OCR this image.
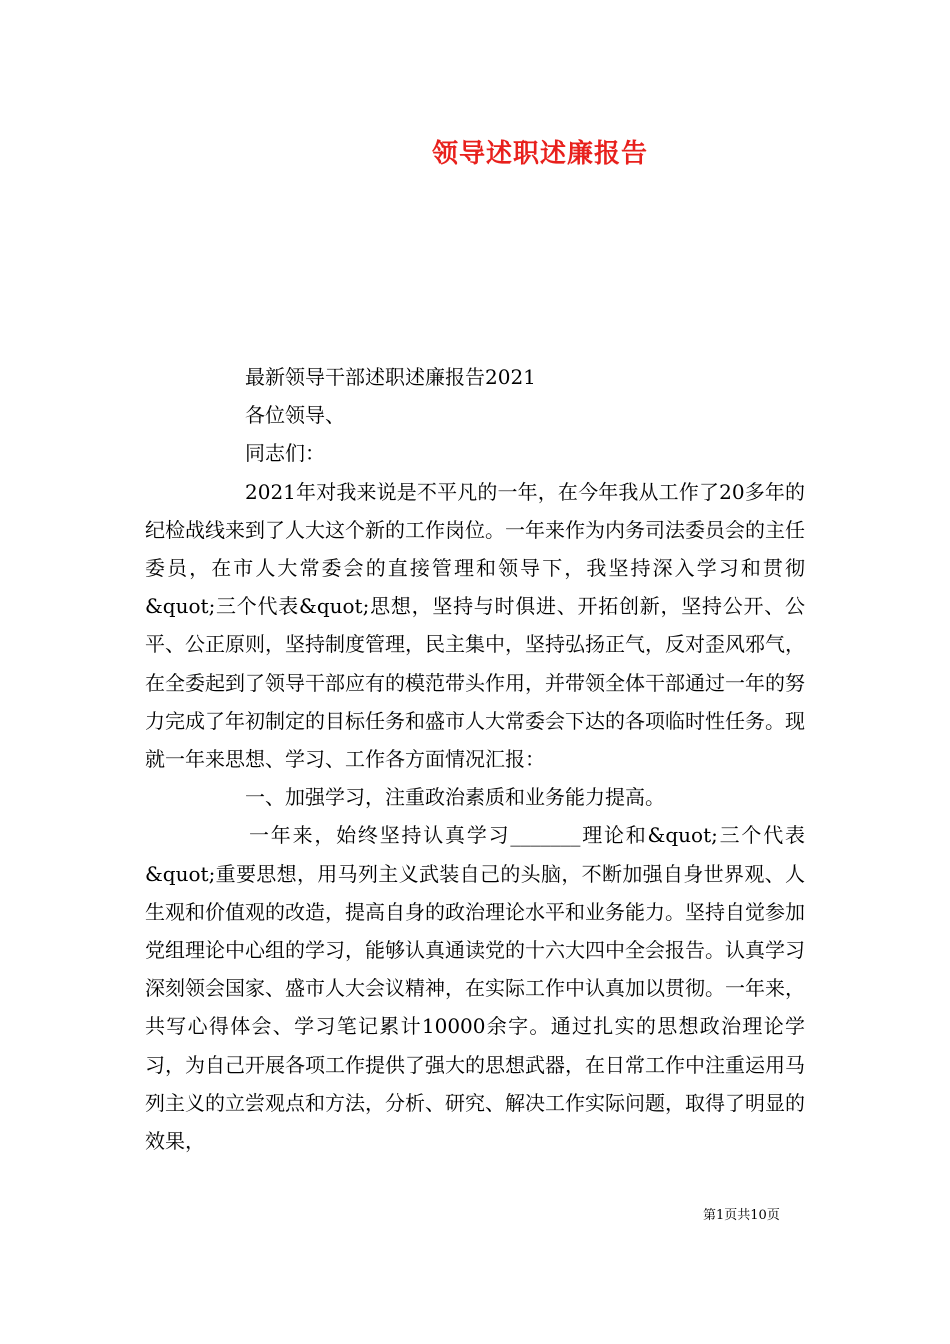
领导述职述廉报告

最新领导干部述职述廉报告2021

各位领导、

同志们：

2021年对我来说是不平凡的一年，在今年我从工作了20多年的纪检战线来到了人大这个新的工作岗位。一年来作为内务司法委员会的主任委员，在市人大常委会的直接管理和领导下，我坚持深入学习和贯彻&quot;三个代表&quot;思想，坚持与时俱进、开拓创新，坚持公开、公平、公正原则，坚持制度管理，民主集中，坚持弘扬正气，反对歪风邪气，在全委起到了领导干部应有的模范带头作用，并带领全体干部通过一年的努力完成了年初制定的目标任务和盛市人大常委会下达的各项临时性任务。现就一年来思想、学习、工作各方面情况汇报：

一、加强学习，注重政治素质和业务能力提高。

一年来，始终坚持认真学习_______理论和&quot;三个代表&quot;重要思想，用马列主义武装自己的头脑，不断加强自身世界观、人生观和价值观的改造，提高自身的政治理论水平和业务能力。坚持自觉参加党组理论中心组的学习，能够认真通读党的十六大四中全会报告。认真学习深刻领会国家、盛市人大会议精神，在实际工作中认真加以贯彻。一年来，共写心得体会、学习笔记累计10000余字。通过扎实的思想政治理论学习，为自己开展各项工作提供了强大的思想武器，在日常工作中注重运用马列主义的立尝观点和方法，分析、研究、解决工作实际问题，取得了明显的效果，

第1页共10页
